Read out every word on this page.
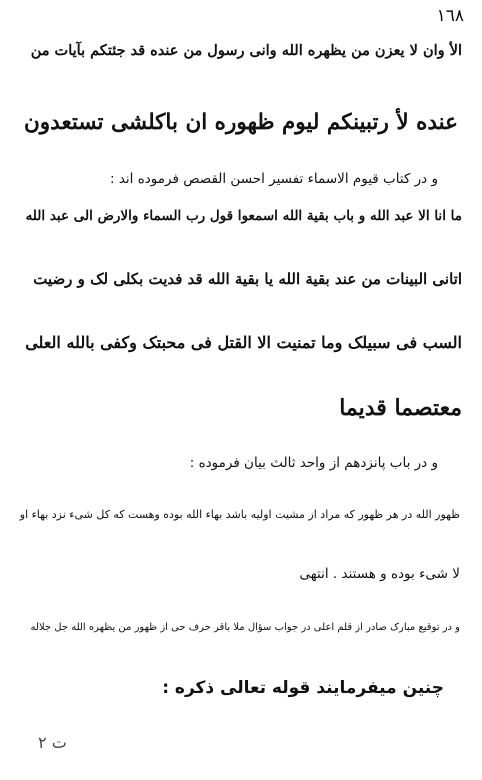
١٦٨
الأ وان لا یعزن من یظهره الله وانی رسول من عنده قد جئتکم بآیات من
عنده لأ رتبینکم لیوم ظهوره ان باکلشی تستعدون
و در کتاب قیوم الاسماء تفسیر احسن القصص فرموده اند :
ما انا الا عبد الله و باب بقیة الله اسمعوا قول رب السماء والارض الی عبد الله
اتانی البینات من عند بقیة الله یا بقیة الله قد فدیت بکلی لک و رضیت
السب فی سبیلک وما تمنیت الا القتل فی محبتک وکفی بالله العلی
معتصما قدیما
و در باب پانزدهم از واحد ثالث بیان فرموده :
ظهور الله در هر ظهور که مراد از مشیت اولیه باشد بهاء الله بوده وهست که کل شیء نزد بهاء او
لا شیء بوده و هستند . انتهی
و در توقیع مبارک صادر از قلم اعلی در جواب سؤال ملا باقر حرف حی از ظهور من یظهره الله جل جلاله
چنین میفرمایند قوله تعالی ذکره :
۲ ت
